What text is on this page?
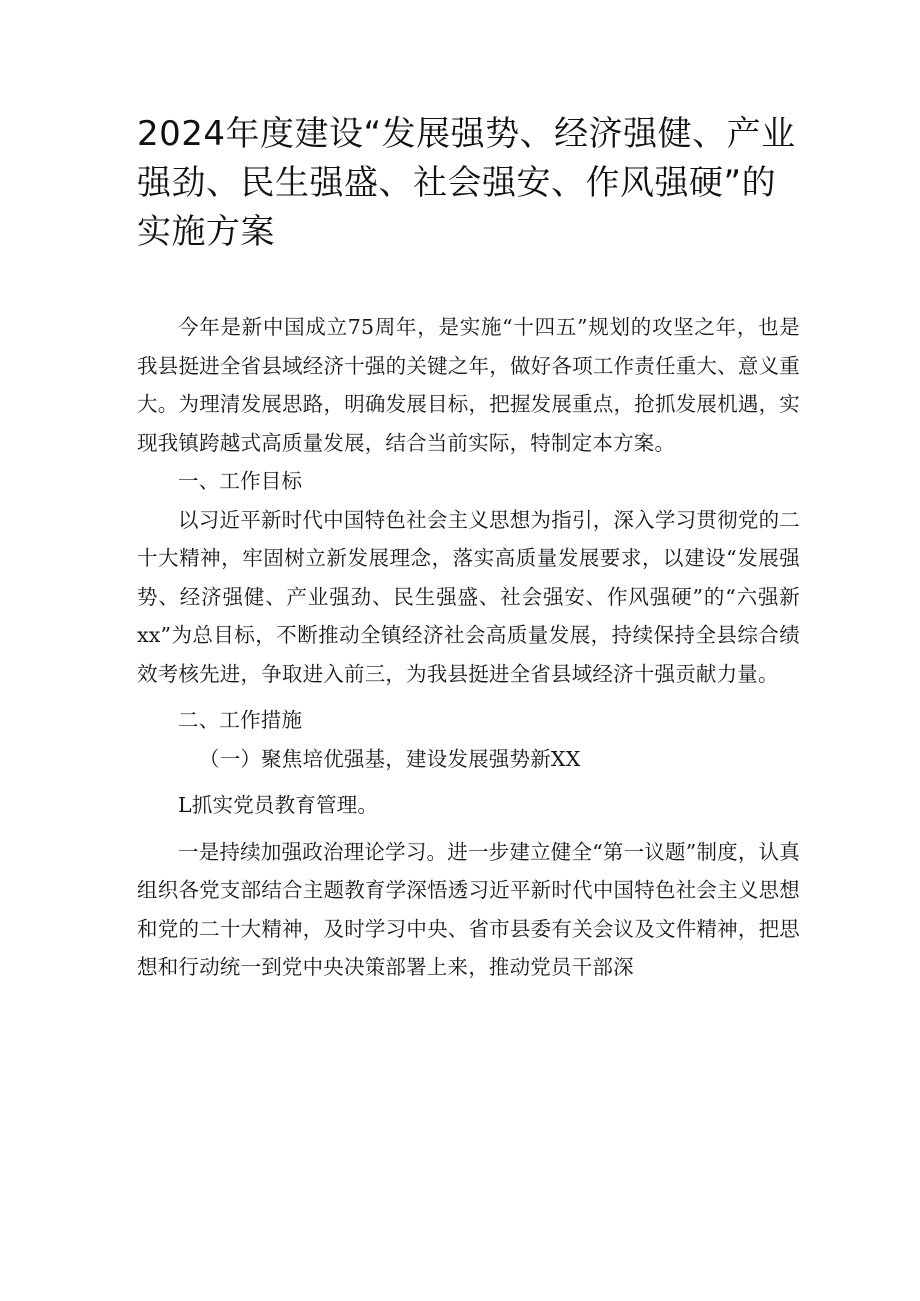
2024年度建设“发展强势、经济强健、产业强劲、民生强盛、社会强安、作风强硬”的实施方案

今年是新中国成立75周年，是实施“十四五”规划的攻坚之年，也是我县挺进全省县域经济十强的关键之年，做好各项工作责任重大、意义重大。为理清发展思路，明确发展目标，把握发展重点，抢抓发展机遇，实现我镇跨越式高质量发展，结合当前实际，特制定本方案。

一、工作目标

以习近平新时代中国特色社会主义思想为指引，深入学习贯彻党的二十大精神，牢固树立新发展理念，落实高质量发展要求，以建设“发展强势、经济强健、产业强劲、民生强盛、社会强安、作风强硬”的“六强新xx”为总目标，不断推动全镇经济社会高质量发展，持续保持全县综合绩效考核先进，争取进入前三，为我县挺进全省县域经济十强贡献力量。

二、工作措施

（一）聚焦培优强基，建设发展强势新XX

L抓实党员教育管理。

一是持续加强政治理论学习。进一步建立健全“第一议题”制度，认真组织各党支部结合主题教育学深悟透习近平新时代中国特色社会主义思想和党的二十大精神，及时学习中央、省市县委有关会议及文件精神，把思想和行动统一到党中央决策部署上来，推动党员干部深
